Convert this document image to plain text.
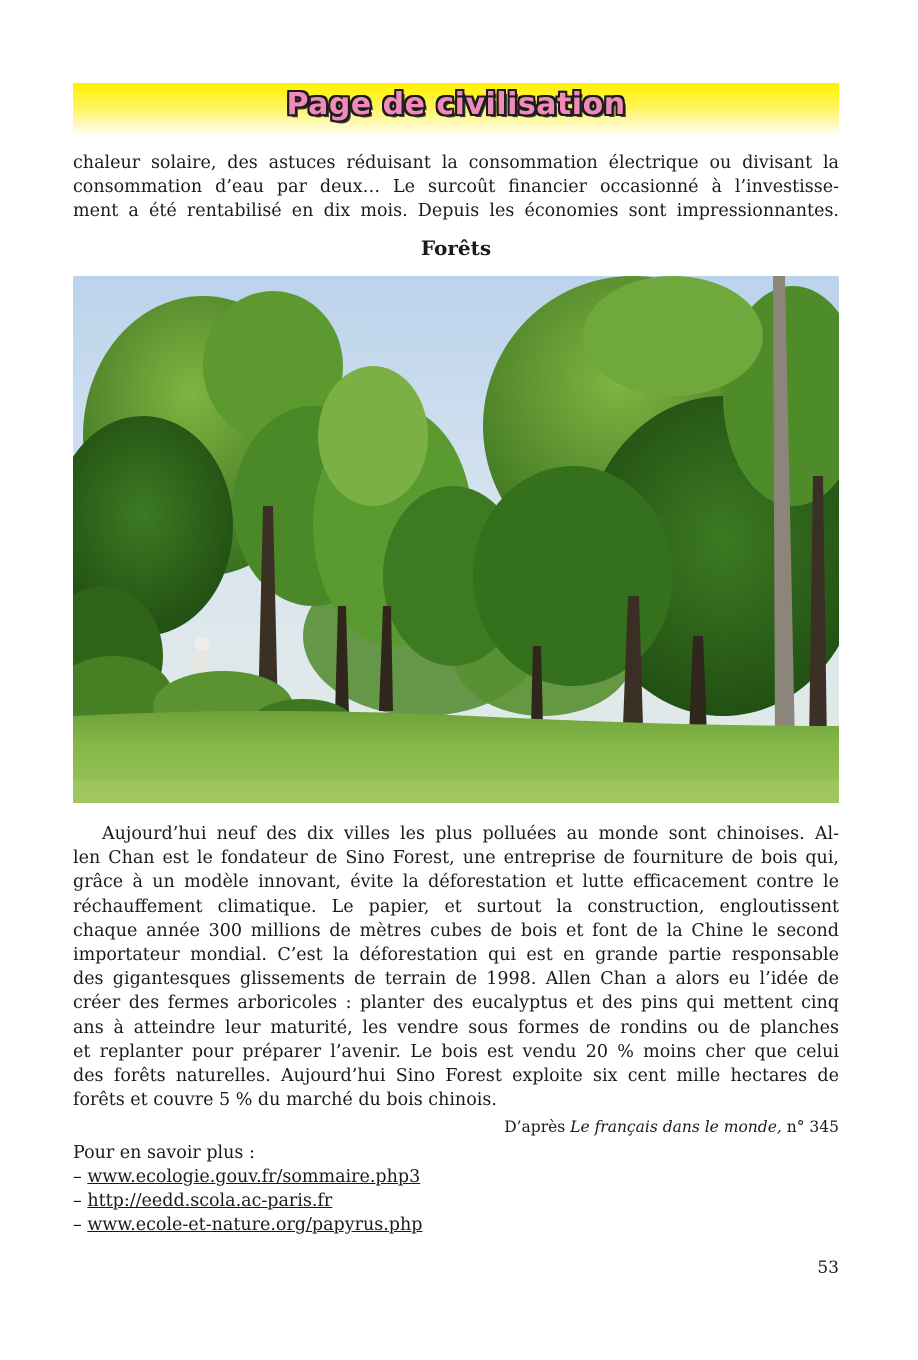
Page de civilisation
chaleur solaire, des astuces réduisant la consommation électrique ou divisant la
consommation d’eau par deux… Le surcoût financier occasionné à l’investisse-
ment a été rentabilisé en dix mois. Depuis les économies sont impressionnantes.
Forêts
Aujourd’hui neuf des dix villes les plus polluées au monde sont chinoises. Al-
len Chan est le fondateur de Sino Forest, une entreprise de fourniture de bois qui,
grâce à un modèle innovant, évite la déforestation et lutte efficacement contre le
réchauffement climatique. Le papier, et surtout la construction, engloutissent
chaque année 300 millions de mètres cubes de bois et font de la Chine le second
importateur mondial. C’est la déforestation qui est en grande partie responsable
des gigantesques glissements de terrain de 1998. Allen Chan a alors eu l’idée de
créer des fermes arboricoles : planter des eucalyptus et des pins qui mettent cinq
ans à atteindre leur maturité, les vendre sous formes de rondins ou de planches
et replanter pour préparer l’avenir. Le bois est vendu 20 % moins cher que celui
des forêts naturelles. Aujourd’hui Sino Forest exploite six cent mille hectares de
forêts et couvre 5 % du marché du bois chinois.
D’après Le français dans le monde, n° 345
Pour en savoir plus :
– www.ecologie.gouv.fr/sommaire.php3
– http://eedd.scola.ac-paris.fr
– www.ecole-et-nature.org/papyrus.php
53
